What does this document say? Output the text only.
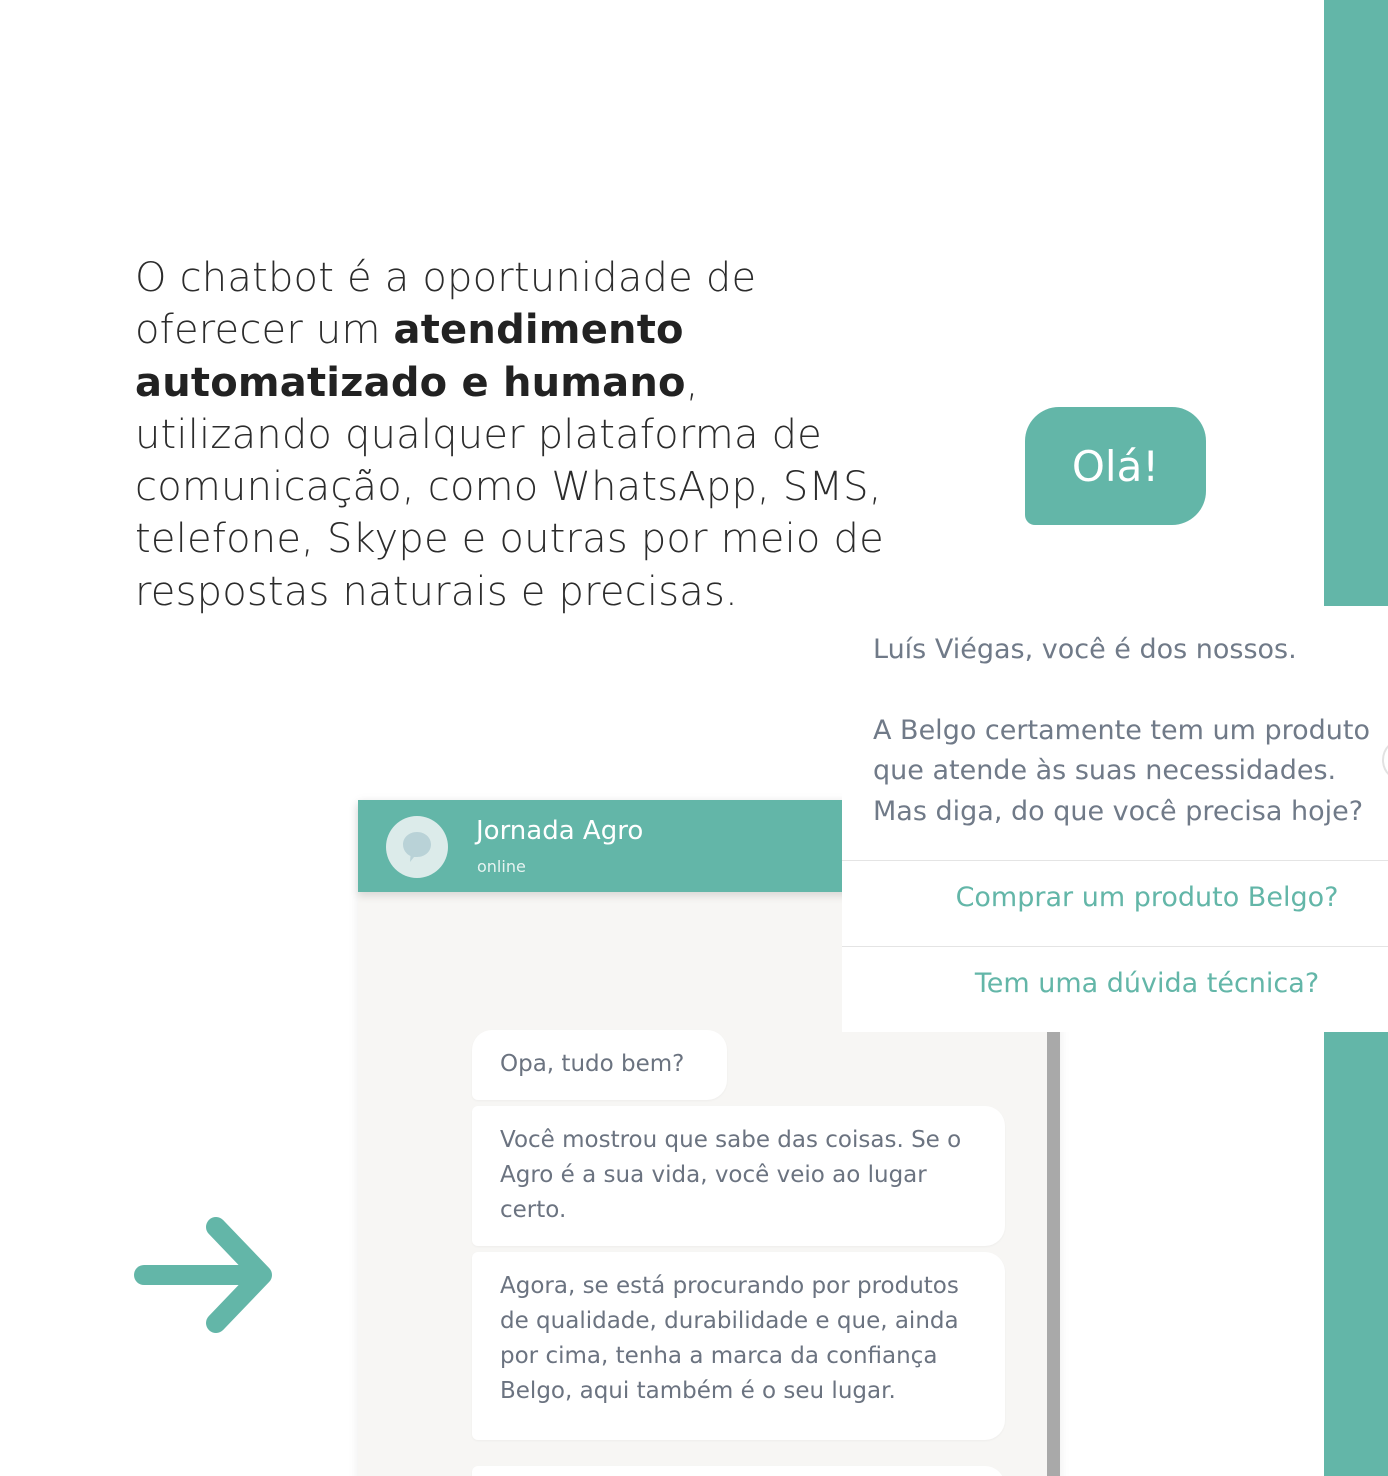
O chatbot é a oportunidade de oferecer um atendimento automatizado e humano, utilizando qualquer plataforma de comunicação, como WhatsApp, SMS, telefone, Skype e outras por meio de respostas naturais e precisas.

Olá!
Jornada Agro
online
Opa, tudo bem?
Você mostrou que sabe das coisas. Se o Agro é a sua vida, você veio ao lugar certo.
Agora, se está procurando por produtos de qualidade, durabilidade e que, ainda por cima, tenha a marca da confiança Belgo, aqui também é o seu lugar.

Luís Viégas, você é dos nossos.

A Belgo certamente tem um produto

que atende às suas necessidades.

Mas diga, do que você precisa hoje?

Comprar um produto Belgo?
Tem uma dúvida técnica?
